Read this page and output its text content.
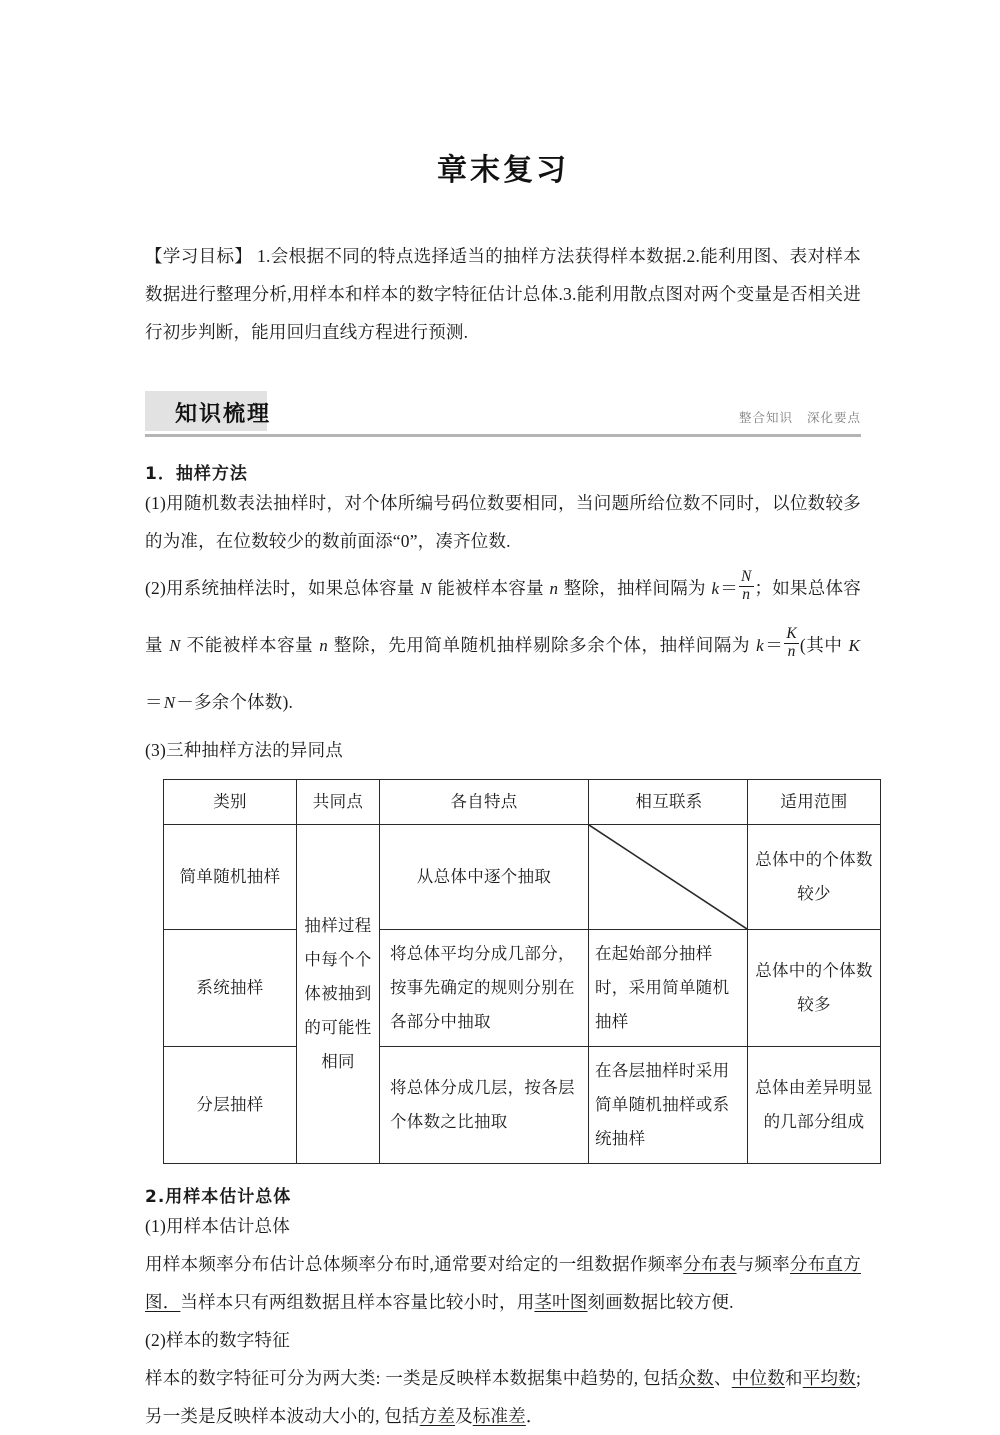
章末复习
【学习目标】 1.会根据不同的特点选择适当的抽样方法获得样本数据.2.能利用图、表对样本数据进行整理分析,用样本和样本的数字特征估计总体.3.能利用散点图对两个变量是否相关进行初步判断，能用回归直线方程进行预测.
知识梳理	整合知识 深化要点
1．抽样方法

(1)用随机数表法抽样时，对个体所编号码位数要相同，当问题所给位数不同时，以位数较多的为准，在位数较少的数前面添“0”，凑齐位数.

(2)用系统抽样法时，如果总体容量 N 能被样本容量 n 整除，抽样间隔为 $k= \frac{N}{n}$ ；如果总体容量 N 不能被样本容量 n 整除，先用简单随机抽样剔除多余个体，抽样间隔为 $k= \frac{K}{n}$ (其中 K＝N－多余个体数).

(3)三种抽样方法的异同点

类别	共同点	各自特点	相互联系	适用范围
简单随机抽样	抽样过程中每个个体被抽到的可能性相同	从总体中逐个抽取		总体中的个体数较少
系统抽样		将总体平均分成几部分，按事先确定的规则分别在各部分中抽取	在起始部分抽样时，采用简单随机抽样	总体中的个体数较多
分层抽样		将总体分成几层，按各层个体数之比抽取	在各层抽样时采用简单随机抽样或系统抽样	总体由差异明显的几部分组成
2.用样本估计总体

(1)用样本估计总体

用样本频率分布估计总体频率分布时,通常要对给定的一组数据作频率分布表与频率分布直方图．当样本只有两组数据且样本容量比较小时，用茎叶图刻画数据比较方便.

(2)样本的数字特征

样本的数字特征可分为两大类: 一类是反映样本数据集中趋势的, 包括众数、中位数和平均数; 另一类是反映样本波动大小的, 包括方差及标准差．
